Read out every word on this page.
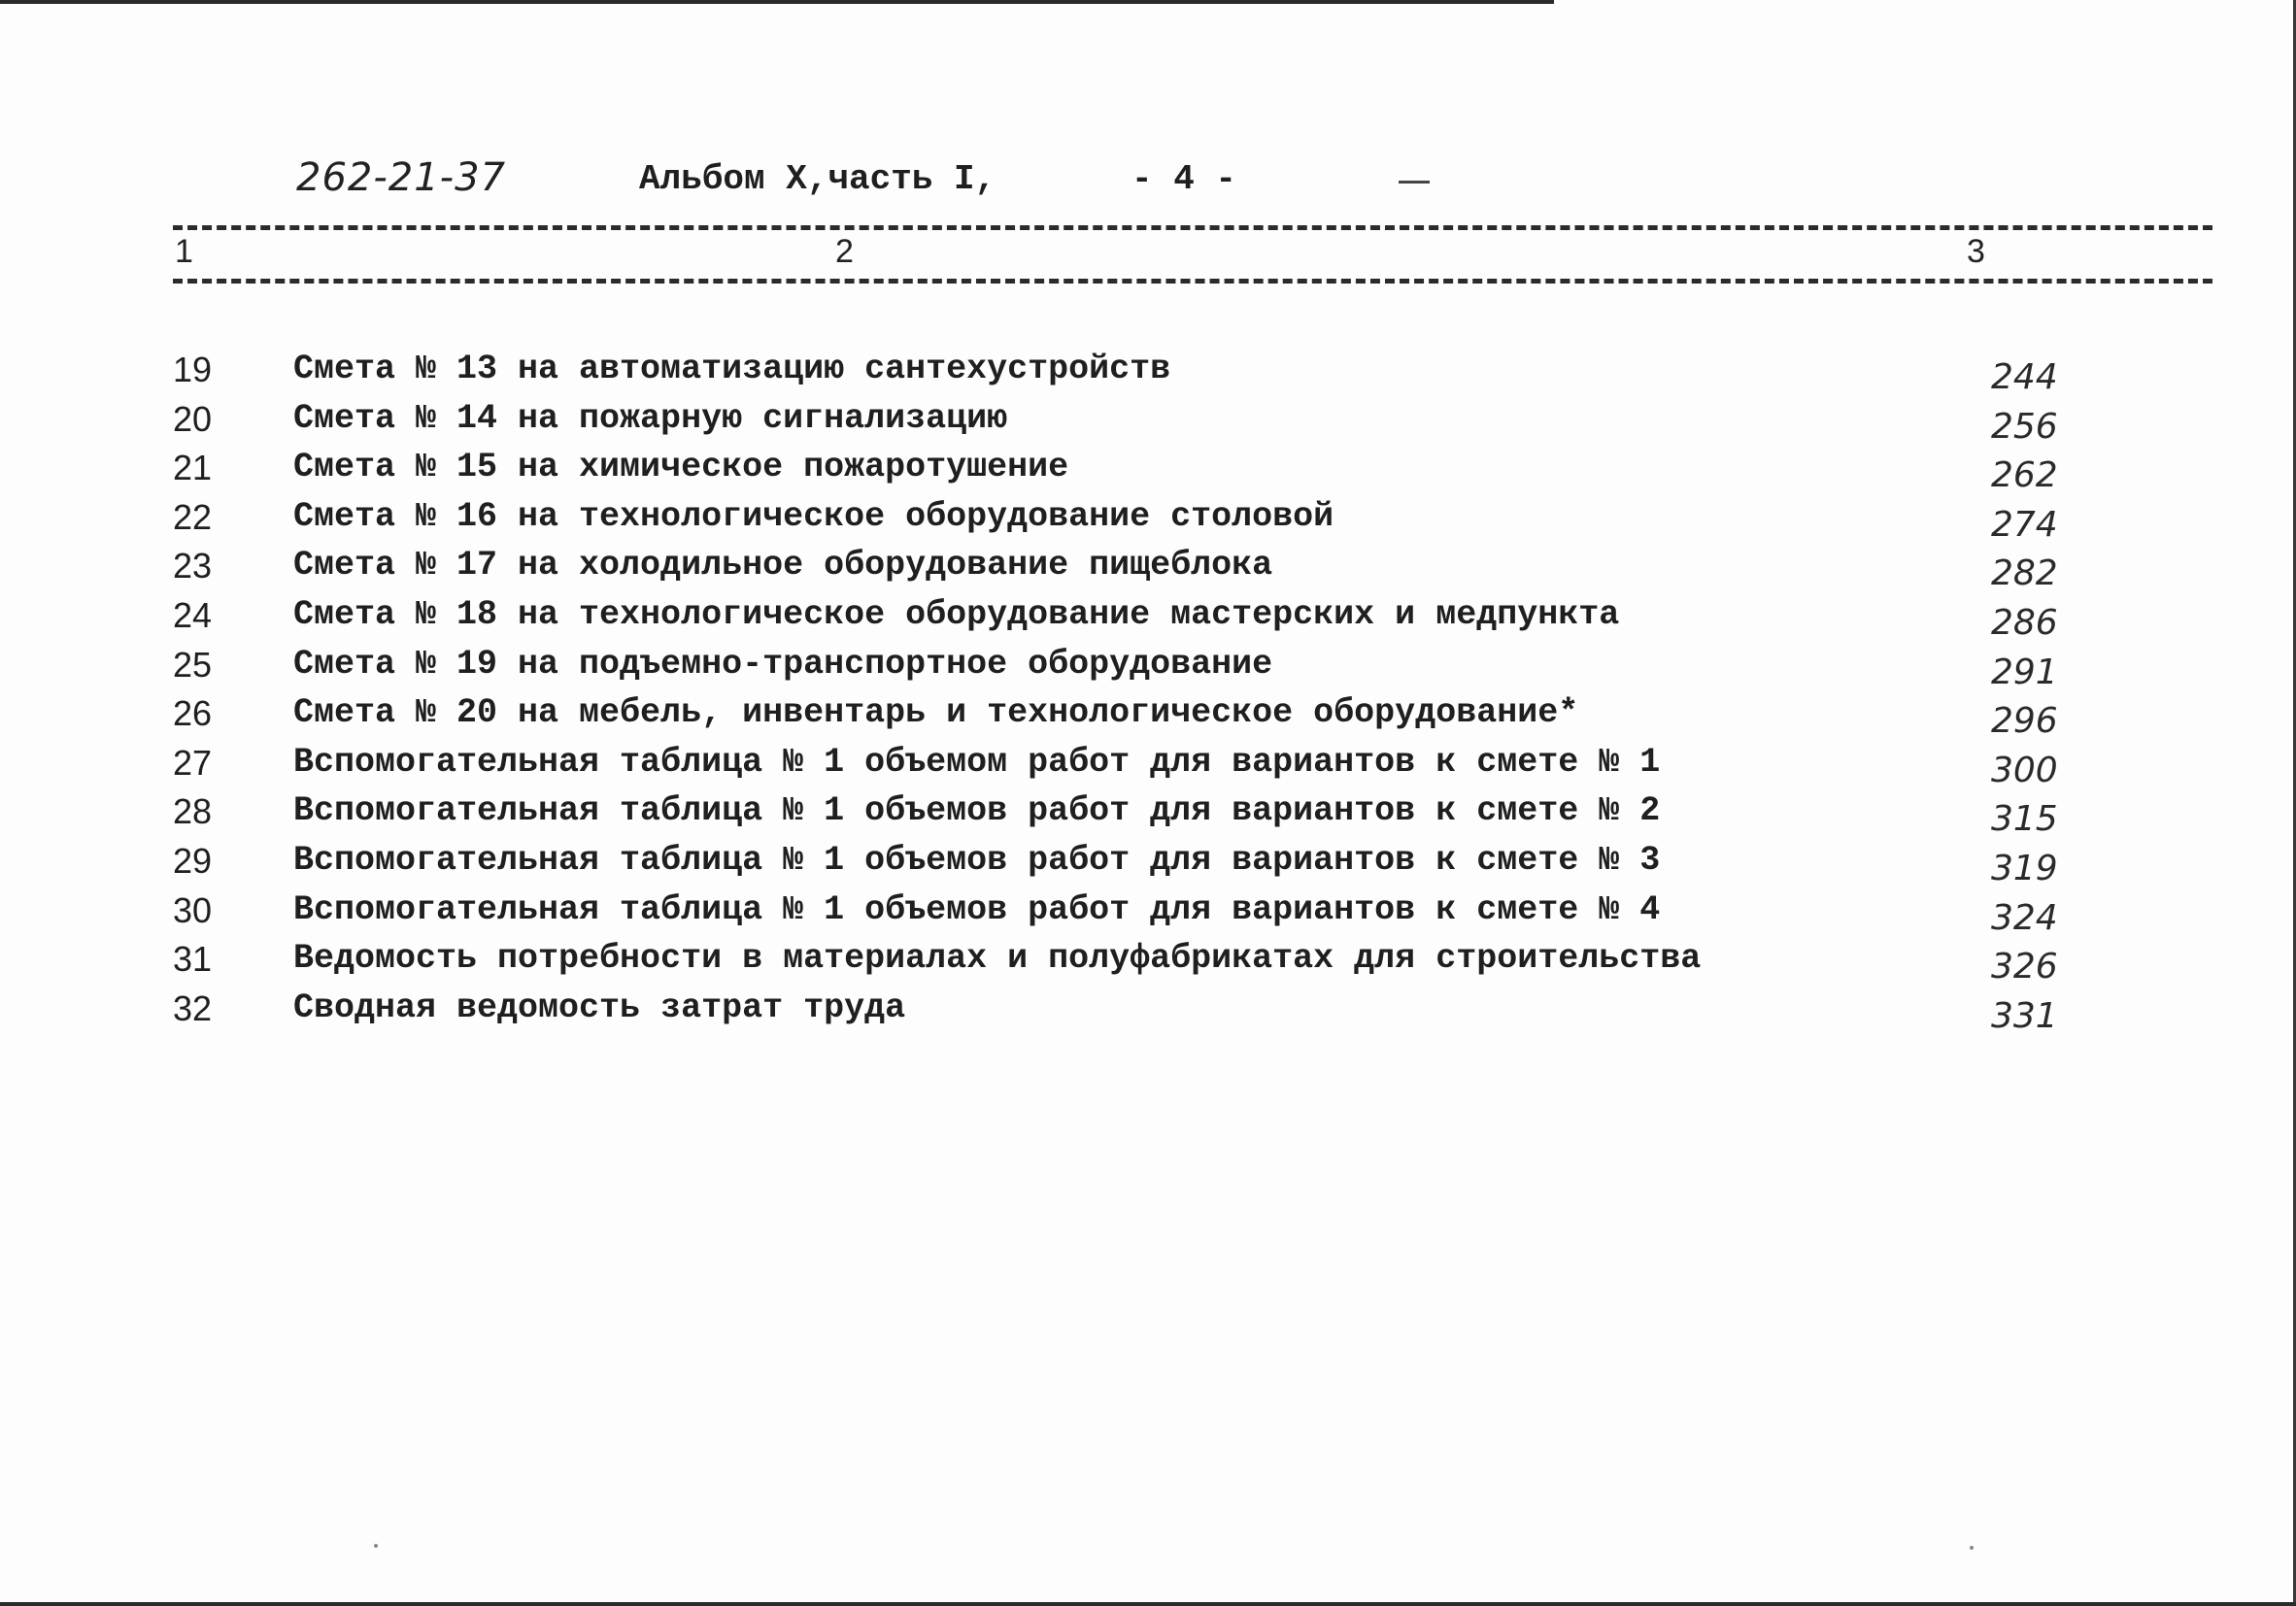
262-21-37	Альбом X,часть I,	- 4 -
1	2	3
19 Смета № 13 на автоматизацию сантехустройств	244
20 Смета № 14 на пожарную сигнализацию	256
21 Смета № 15 на химическое пожаротушение	262
22 Смета № 16 на технологическое оборудование столовой	274
23 Смета № 17 на холодильное оборудование пищеблока	282
24 Смета № 18 на технологическое оборудование мастерских и медпункта	286
25 Смета № 19 на подъемно-транспортное оборудование	291
26 Смета № 20 на мебель, инвентарь и технологическое оборудование*	296
27 Вспомогательная таблица № 1 объемом работ для вариантов к смете № 1	300
28 Вспомогательная таблица № 1 объемов работ для вариантов к смете № 2	315
29 Вспомогательная таблица № 1 объемов работ для вариантов к смете № 3	319
30 Вспомогательная таблица № 1 объемов работ для вариантов к смете № 4	324
31 Ведомость потребности в материалах и полуфабрикатах для строительства	326
32 Сводная ведомость затрат труда	331
